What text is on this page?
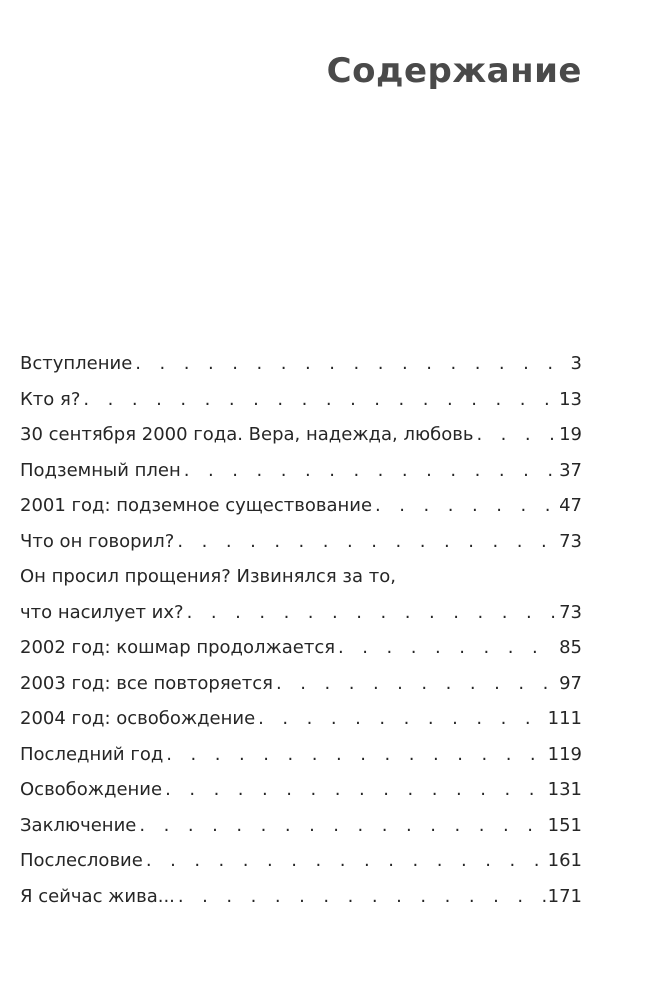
Содержание
Вступление . . .	3
Кто я? . . .	13
30 сентября 2000 года. Вера, надежда, любовь . . .	19
Подземный плен . . .	37
2001 год: подземное существование . . .	47
Что он говорил? . . .	73
Он просил прощения? Извинялся за то,
что насилует их? . . .	73
2002 год: кошмар продолжается . . .	85
2003 год: все повторяется . . .	97
2004 год: освобождение . . .	111
Последний год . . .	119
Освобождение . . .	131
Заключение . . .	151
Послесловие . . .	161
Я сейчас жива... . . .	171
